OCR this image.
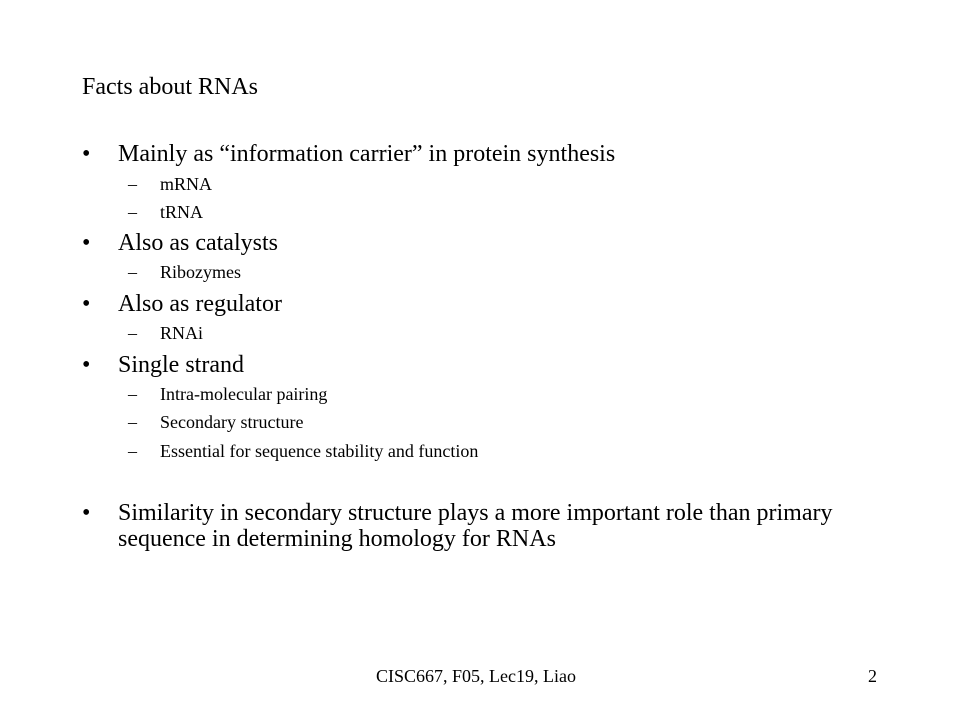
Facts about RNAs
•	Mainly as “information carrier” in protein synthesis
– mRNA
– tRNA
•	Also as catalysts
– Ribozymes
•	Also as regulator
– RNAi
•	Single strand
– Intra-molecular pairing
– Secondary structure
– Essential for sequence stability and function
•	Similarity in secondary structure plays a more important role than primary sequence in determining homology for RNAs
CISC667, F05, Lec19, Liao	2
